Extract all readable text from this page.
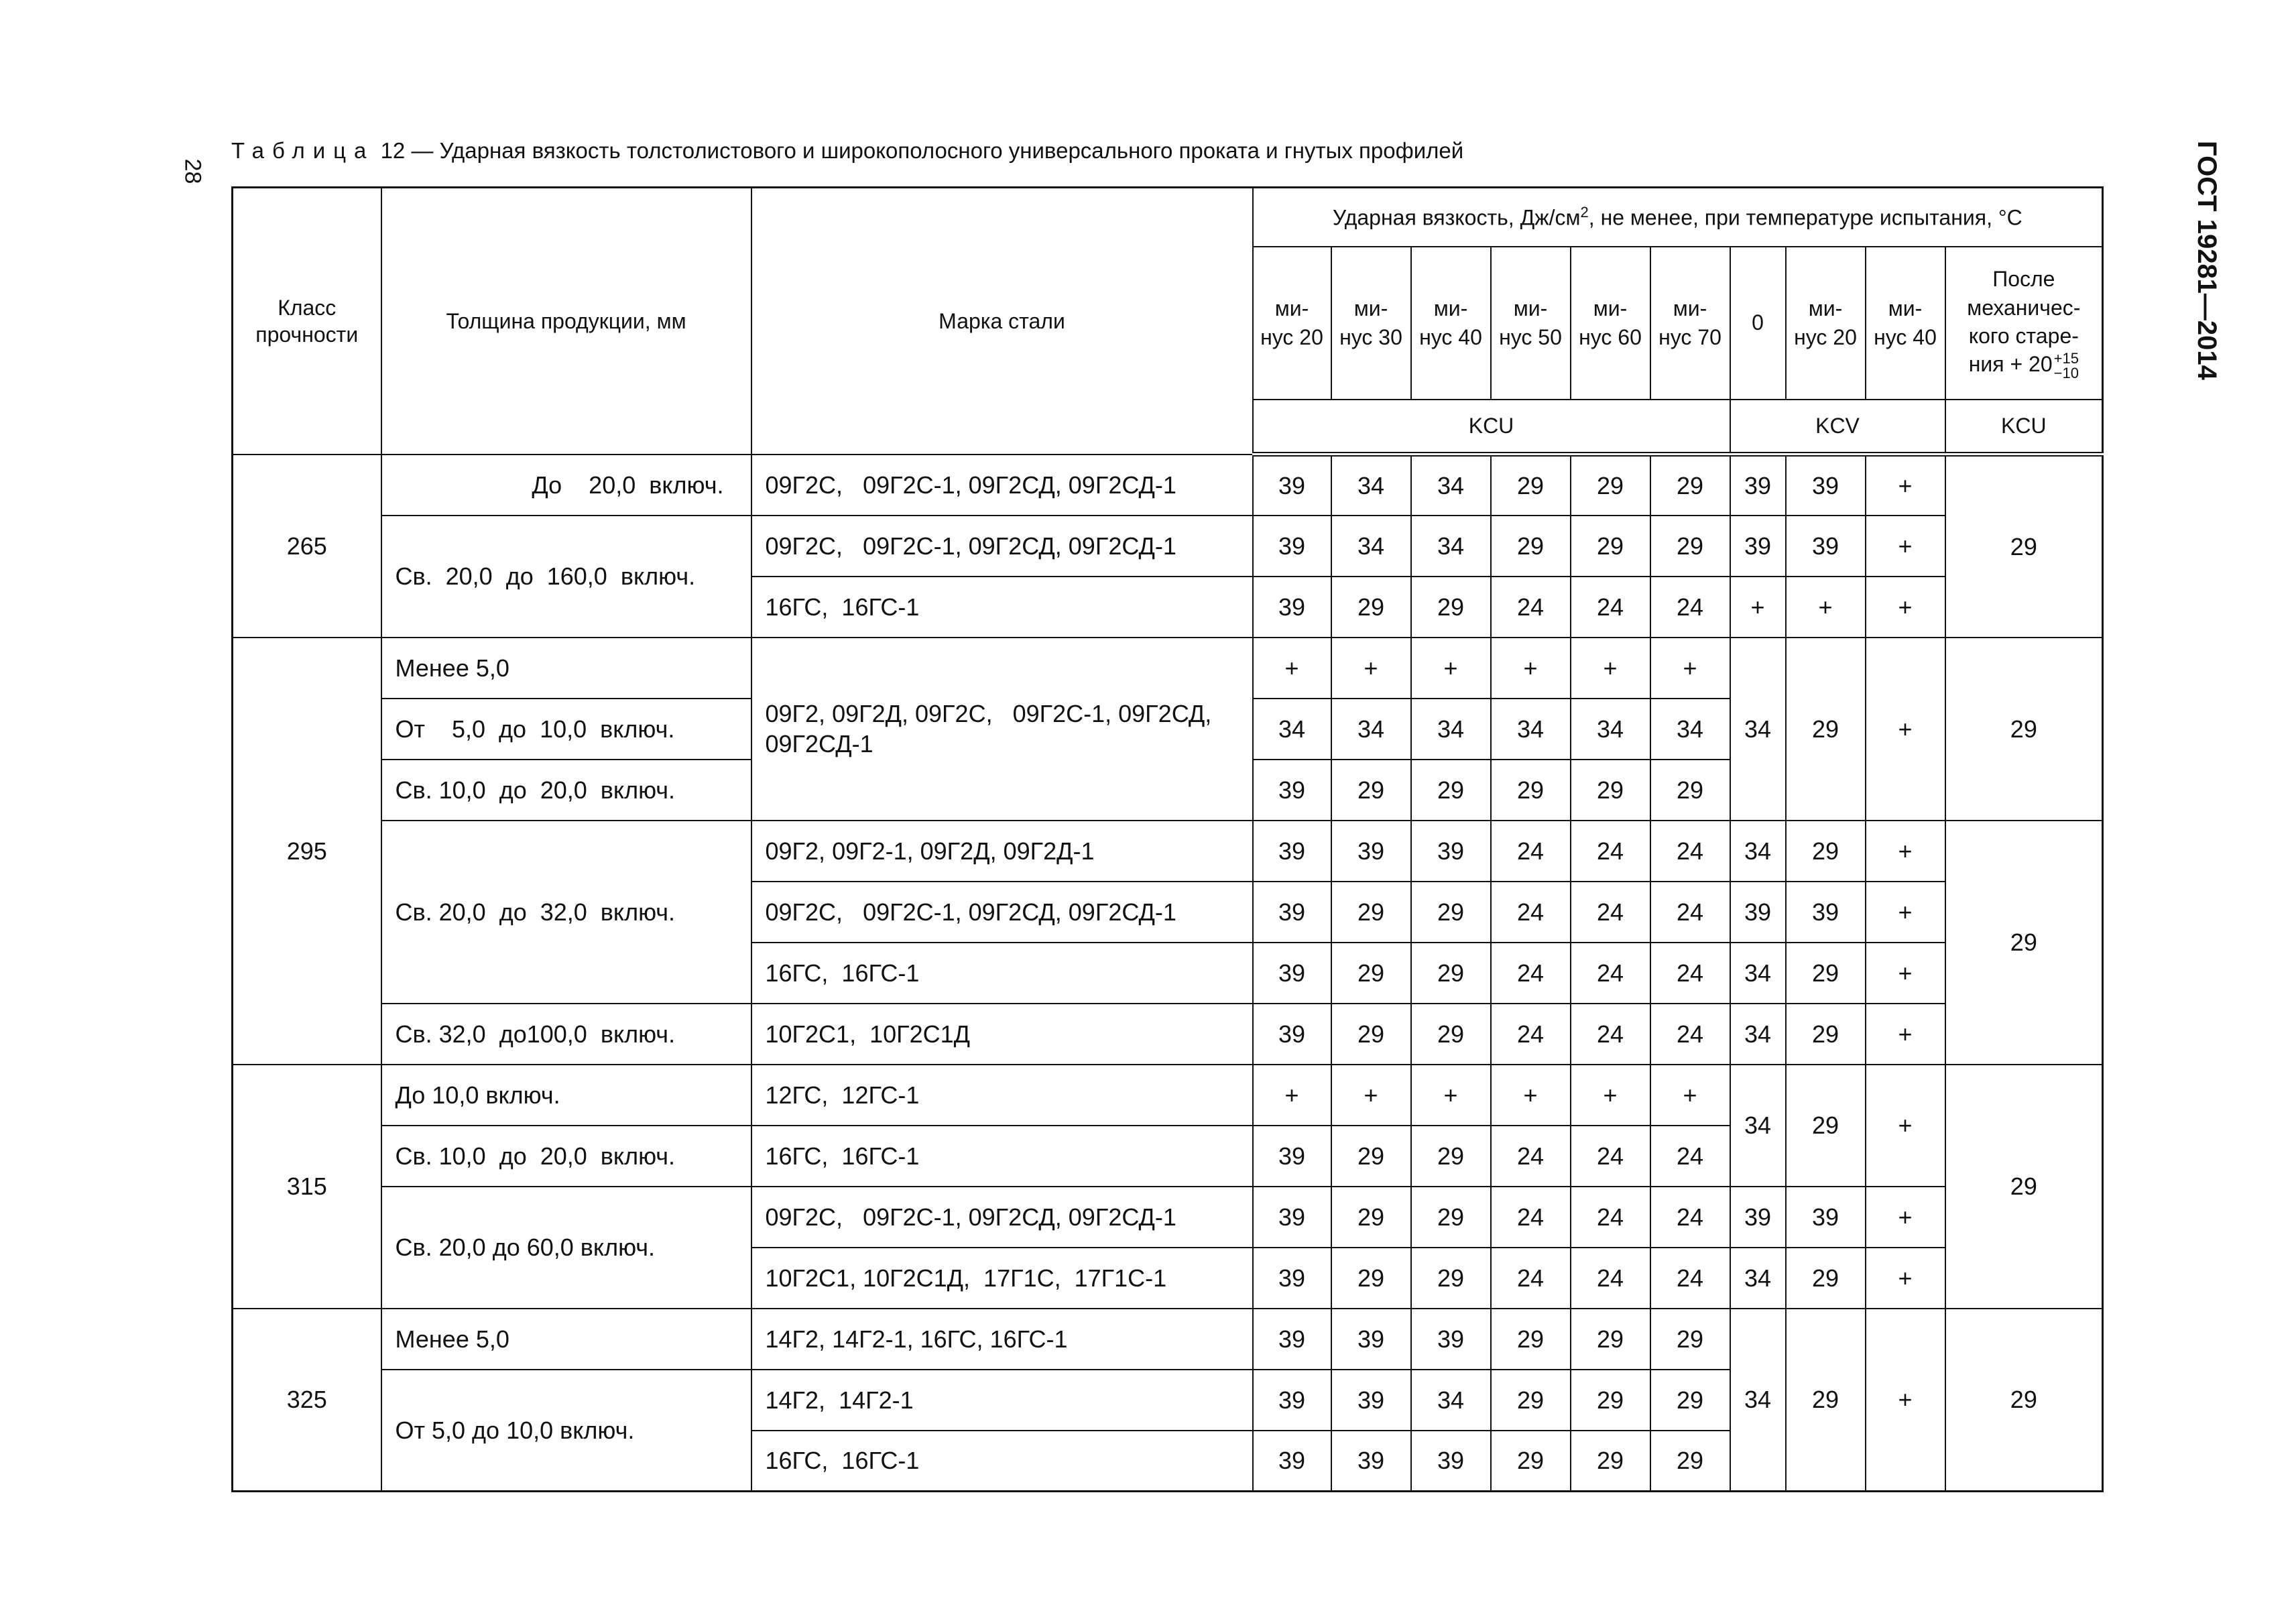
28
Таблица 12 — Ударная вязкость толстолистового и широкополосного универсального проката и гнутых профилей	ГОСТ 19281—2014
Класс прочности	Толщина продукции, мм	Марка стали	Ударная вязкость, $Дж/см^2$, не менее, при температуре испытания, °С									
			ми-нус 20	ми-нус 30	ми-нус 40	ми-нус 50	ми-нус 60	ми-нус 70	0	ми-нус 20	ми-нус 40	После механичес-кого старе-ния + 20 +15
−10

			KCU						KCV			KCU
265	До    20,0  включ.	09Г2С,   09Г2С-1, 09Г2СД, 09Г2СД-1	39	34	34	29	29	29	39	39	+	29
	Св.  20,0  до  160,0  включ.	09Г2С,   09Г2С-1, 09Г2СД, 09Г2СД-1	39	34	34	29	29	29	39	39	+	
		16ГС,  16ГС-1	39	29	29	24	24	24	+	+	+	
295	Менее 5,0	09Г2, 09Г2Д, 09Г2С,   09Г2С-1, 09Г2СД, 09Г2СД-1	+	+	+	+	+	+	34	29	+	29
	От    5,0  до  10,0  включ.		34	34	34	34	34	34				
	Св. 10,0  до  20,0  включ.		39	29	29	29	29	29				
	Св. 20,0  до  32,0  включ.	09Г2, 09Г2-1, 09Г2Д, 09Г2Д-1	39	39	39	24	24	24	34	29	+	29
		09Г2С,   09Г2С-1, 09Г2СД, 09Г2СД-1	39	29	29	24	24	24	39	39	+	
		16ГС,  16ГС-1	39	29	29	24	24	24	34	29	+	
	Св. 32,0  до100,0  включ.	10Г2С1,  10Г2С1Д	39	29	29	24	24	24	34	29	+	
315	До 10,0 включ.	12ГС,  12ГС-1	+	+	+	+	+	+	34	29	+	29
	Св. 10,0  до  20,0  включ.	16ГС,  16ГС-1	39	29	29	24	24	24				
	Св. 20,0 до 60,0 включ.	09Г2С,   09Г2С-1, 09Г2СД, 09Г2СД-1	39	29	29	24	24	24	39	39	+	
		10Г2С1, 10Г2С1Д,  17Г1С,  17Г1С-1	39	29	29	24	24	24	34	29	+	
325	Менее 5,0	14Г2, 14Г2-1, 16ГС, 16ГС-1	39	39	39	29	29	29	34	29	+	29
	От 5,0 до 10,0 включ.	14Г2,  14Г2-1	39	39	34	29	29	29				
		16ГС,  16ГС-1	39	39	39	29	29	29				
